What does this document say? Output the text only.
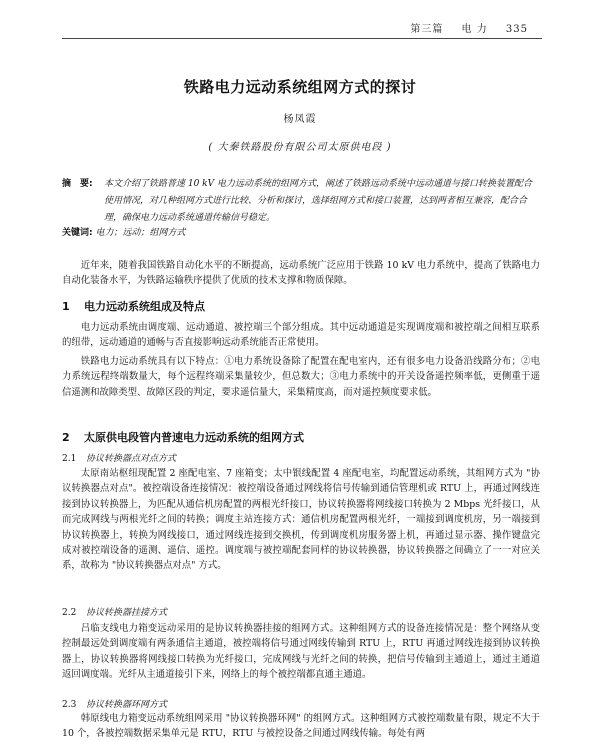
第三篇 电 力 335
铁路电力远动系统组网方式的探讨
杨凤霞
( 大秦铁路股份有限公司太原供电段 )
摘　要:	本文介绍了铁路普速 10 kV 电力远动系统的组网方式，阐述了铁路远动系统中远动通道与接口转换装置配合使用情况，对几种组网方式进行比较、分析和探讨，选择组网方式和接口装置，达到两者相互兼容，配合合理，确保电力远动系统通道传输信号稳定。
关键词: 电力；远动；组网方式

近年来，随着我国铁路自动化水平的不断提高，远动系统广泛应用于铁路 10 kV 电力系统中，提高了铁路电力自动化装备水平，为铁路运输秩序提供了优质的技术支撑和物质保障。

1 电力远动系统组成及特点

电力远动系统由调度端、远动通道、被控端三个部分组成。其中远动通道是实现调度端和被控端之间相互联系的纽带，远动通道的通畅与否直接影响远动系统能否正常使用。

铁路电力远动系统具有以下特点：①电力系统设备除了配置在配电室内，还有很多电力设备沿线路分布；②电力系统远程终端数量大，每个远程终端采集量较少，但总数大；③电力系统中的开关设备遥控频率低，更侧重于遥信遥测和故障类型、故障区段的判定，要求遥信量大，采集精度高，而对遥控频度要求低。

2 太原供电段管内普速电力远动系统的组网方式
2.1 协议转换器点对点方式

太原南站枢纽现配置 2 座配电室、7 座箱变；太中银线配置 4 座配电室，均配置远动系统，其组网方式为 "协议转换器点对点"。被控端设备连接情况：被控端设备通过网线将信号传输到通信管理机或 RTU 上，再通过网线连接到协议转换器上，为匹配从通信机房配置的两根光纤接口，协议转换器将网线接口转换为 2 Mbps 光纤接口，从而完成网线与两根光纤之间的转换；调度主站连接方式：通信机房配置两根光纤，一端接到调度机房，另一端接到协议转换器上，转换为网线接口，通过网线连接到交换机，传到调度机房服务器上机，再通过显示器、操作键盘完成对被控端设备的遥测、遥信、遥控。调度端与被控端配套同样的协议转换器，协议转换器之间确立了一一对应关系，故称为 "协议转换器点对点" 方式。

2.2 协议转换器挂接方式

吕临支线电力箱变远动采用的是协议转换器挂接的组网方式。这种组网方式的设备连接情况是：整个网络从变控制最远处到调度端有两条通信主通道，被控端将信号通过网线传输到 RTU 上，RTU 再通过网线连接到协议转换器上，协议转换器将网线接口转换为光纤接口，完成网线与光纤之间的转换，把信号传输到主通道上，通过主通道返回调度端。光纤从主通道接引下来，网络上的每个被控端都直通主通道。

2.3 协议转换器环网方式

韩原线电力箱变远动系统组网采用 "协议转换器环网" 的组网方式。这种组网方式被控端数量有限，规定不大于 10 个，各被控端数据采集单元是 RTU，RTU 与被控设备之间通过网线传输。每处有两
